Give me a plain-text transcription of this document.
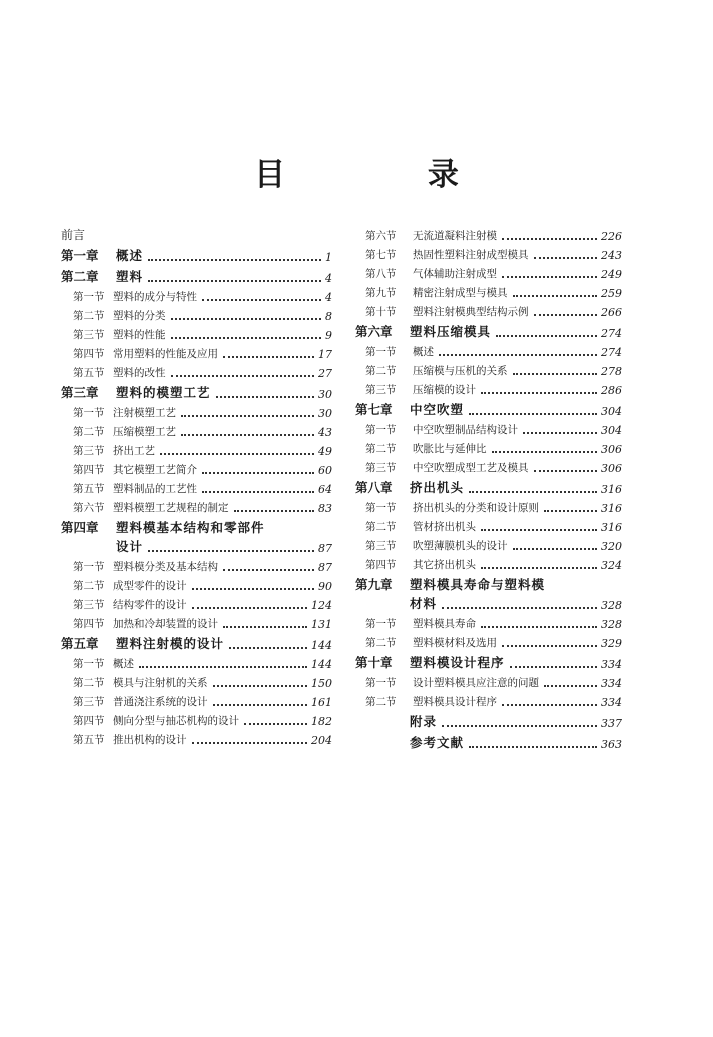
目 录
前言
第一章	概述	1
第二章	塑料	4
第一节 塑料的成分与特性	4
第二节 塑料的分类	8
第三节 塑料的性能	9
第四节 常用塑料的性能及应用	17
第五节 塑料的改性	27
第三章	塑料的模塑工艺	30
第一节 注射模塑工艺	30
第二节 压缩模塑工艺	43
第三节 挤出工艺	49
第四节 其它模塑工艺简介	60
第五节 塑料制品的工艺性	64
第六节 塑料模塑工艺规程的制定	83
第四章	塑料模基本结构和零部件
设计	87
第一节 塑料模分类及基本结构	87
第二节 成型零件的设计	90
第三节 结构零件的设计	124
第四节 加热和冷却装置的设计	131
第五章	塑料注射模的设计	144
第一节 概述	144
第二节 模具与注射机的关系	150
第三节 普通浇注系统的设计	161
第四节 侧向分型与抽芯机构的设计	182
第五节 推出机构的设计	204
第六节	无流道凝料注射模	226
第七节	热固性塑料注射成型模具	243
第八节	气体辅助注射成型	249
第九节	精密注射成型与模具	259
第十节	塑料注射模典型结构示例	266
第六章	塑料压缩模具	274
第一节	概述	274
第二节	压缩模与压机的关系	278
第三节	压缩模的设计	286
第七章	中空吹塑	304
第一节	中空吹塑制品结构设计	304
第二节	吹胀比与延伸比	306
第三节	中空吹塑成型工艺及模具	306
第八章	挤出机头	316
第一节	挤出机头的分类和设计原则	316
第二节	管材挤出机头	316
第三节	吹塑薄膜机头的设计	320
第四节	其它挤出机头	324
第九章	塑料模具寿命与塑料模
材料	328
第一节	塑料模具寿命	328
第二节	塑料模材料及选用	329
第十章	塑料模设计程序	334
第一节	设计塑料模具应注意的问题	334
第二节	塑料模具设计程序	334
附录	337
参考文献	363
